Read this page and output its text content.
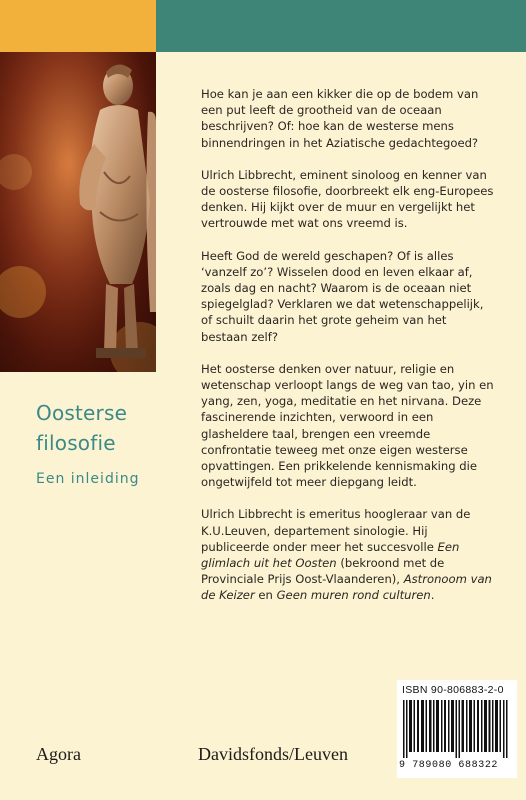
Oosterse
filosofie
Een inleiding

Hoe kan je aan een kikker die op de bodem van een put leeft de grootheid van de oceaan beschrijven? Of: hoe kan de westerse mens binnendringen in het Aziatische gedachtegoed?

Ulrich Libbrecht, eminent sinoloog en kenner van de oosterse filosofie, doorbreekt elk eng-Europees denken. Hij kijkt over de muur en vergelijkt het vertrouwde met wat ons vreemd is.

Heeft God de wereld geschapen? Of is alles ‘vanzelf zo’? Wisselen dood en leven elkaar af, zoals dag en nacht? Waarom is de oceaan niet spiegelglad? Verklaren we dat wetenschappelijk, of schuilt daarin het grote geheim van het bestaan zelf?

Het oosterse denken over natuur, religie en wetenschap verloopt langs de weg van tao, yin en yang, zen, yoga, meditatie en het nirvana. Deze fascinerende inzichten, verwoord in een glasheldere taal, brengen een vreemde confrontatie teweeg met onze eigen westerse opvattingen. Een prikkelende kennismaking die ongetwijfeld tot meer diepgang leidt.

Ulrich Libbrecht is emeritus hoogleraar van de K.U.Leuven, departement sinologie. Hij publiceerde onder meer het succesvolle Een glimlach uit het Oosten (bekroond met de Provinciale Prijs Oost-Vlaanderen), Astronoom van de Keizer en Geen muren rond culturen.

ISBN 90-806883-2-0
9 789080 688322
Agora	Davidsfonds/Leuven
